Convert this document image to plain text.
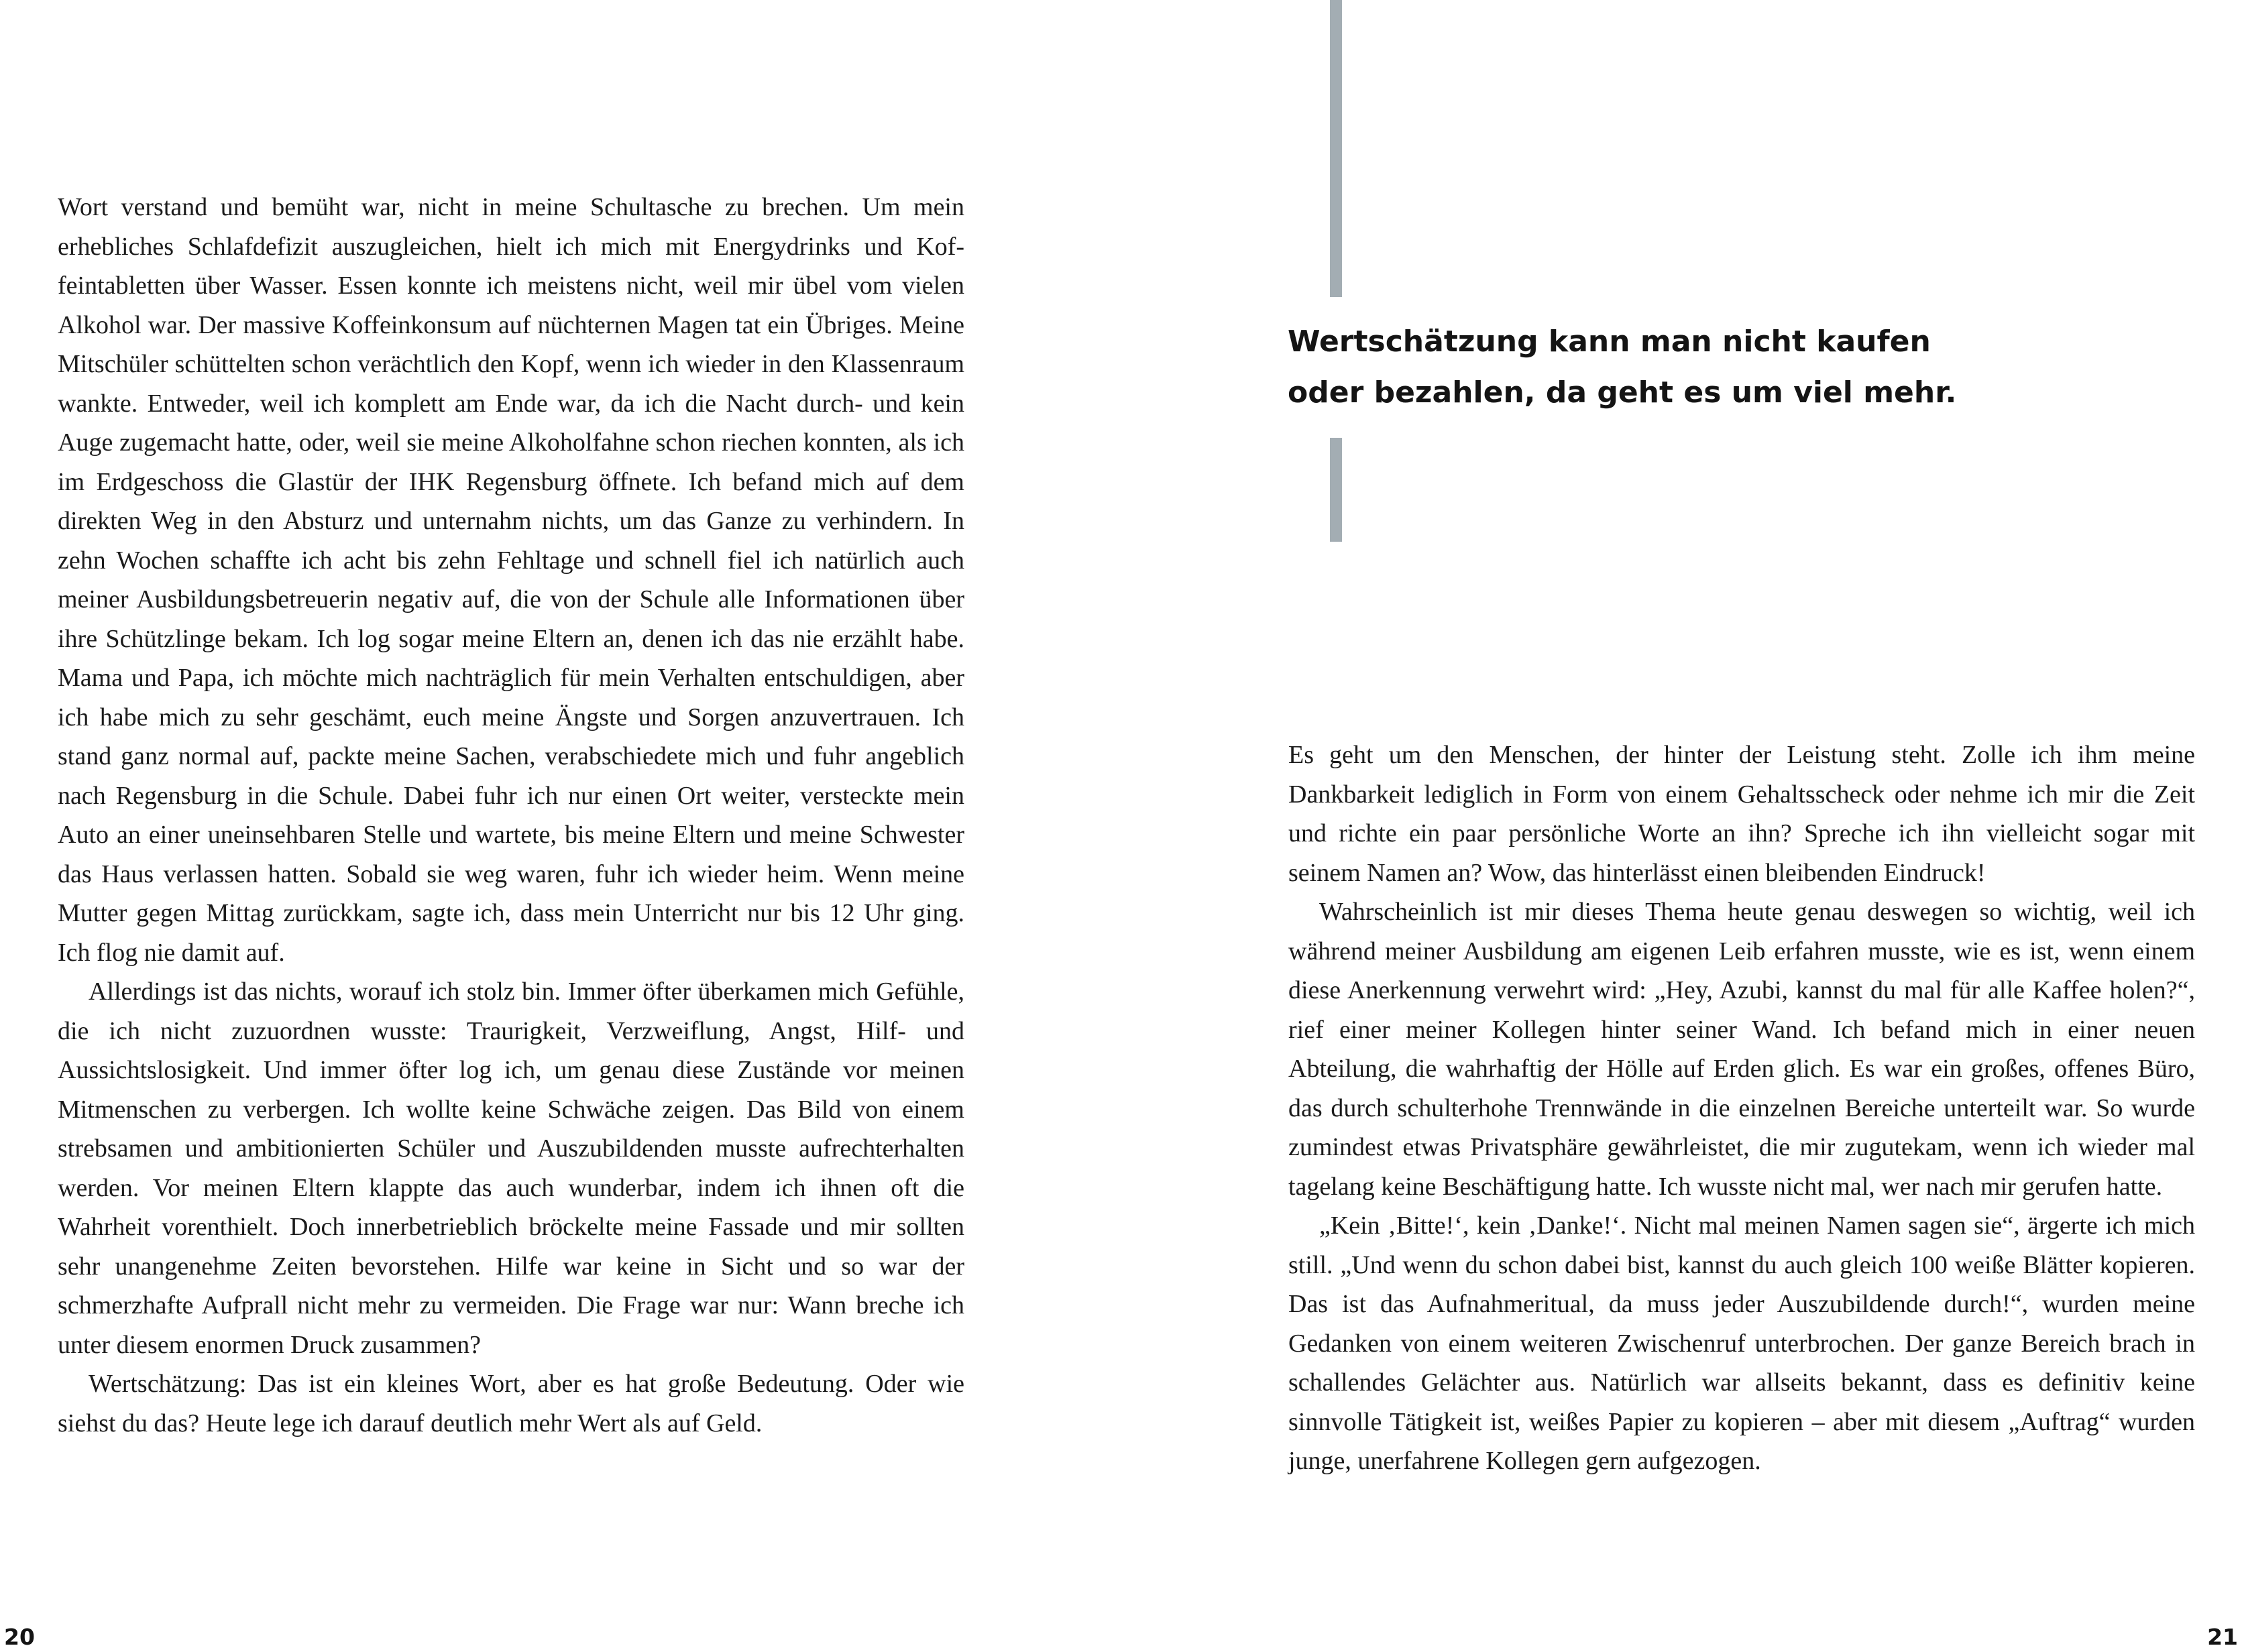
Wort verstand und bemüht war, nicht in meine Schultasche zu brechen. Um mein erhebliches Schlafdefizit auszugleichen, hielt ich mich mit Energydrinks und Koffeintabletten über Wasser. Essen konnte ich meistens nicht, weil mir übel vom vielen Alkohol war. Der massive Koffeinkonsum auf nüchternen Magen tat ein Übriges. Meine Mitschüler schüttelten schon verächtlich den Kopf, wenn ich wieder in den Klassenraum wankte. Entweder, weil ich komplett am Ende war, da ich die Nacht durch- und kein Auge zugemacht hatte, oder, weil sie meine Alkoholfahne schon riechen konnten, als ich im Erdgeschoss die Glastür der IHK Regensburg öffnete. Ich befand mich auf dem direkten Weg in den Absturz und unternahm nichts, um das Ganze zu verhindern. In zehn Wochen schaffte ich acht bis zehn Fehltage und schnell fiel ich natürlich auch meiner Ausbildungsbetreuerin negativ auf, die von der Schule alle Informationen über ihre Schützlinge bekam. Ich log sogar meine Eltern an, denen ich das nie erzählt habe. Mama und Papa, ich möchte mich nachträglich für mein Verhalten entschuldigen, aber ich habe mich zu sehr geschämt, euch meine Ängste und Sorgen anzuvertrauen. Ich stand ganz normal auf, packte meine Sachen, verabschiedete mich und fuhr angeblich nach Regensburg in die Schule. Dabei fuhr ich nur einen Ort weiter, versteckte mein Auto an einer uneinsehbaren Stelle und wartete, bis meine Eltern und meine Schwester das Haus verlassen hatten. Sobald sie weg waren, fuhr ich wieder heim. Wenn meine Mutter gegen Mittag zurückkam, sagte ich, dass mein Unterricht nur bis 12 Uhr ging. Ich flog nie damit auf.

Allerdings ist das nichts, worauf ich stolz bin. Immer öfter überkamen mich Gefühle, die ich nicht zuzuordnen wusste: Traurigkeit, Verzweiflung, Angst, Hilf- und Aussichtslosigkeit. Und immer öfter log ich, um genau diese Zustände vor meinen Mitmenschen zu verbergen. Ich wollte keine Schwäche zeigen. Das Bild von einem strebsamen und ambitionierten Schüler und Auszubildenden musste aufrechterhalten werden. Vor meinen Eltern klappte das auch wunderbar, indem ich ihnen oft die Wahrheit vorenthielt. Doch innerbetrieblich bröckelte meine Fassade und mir sollten sehr unangenehme Zeiten bevorstehen. Hilfe war keine in Sicht und so war der schmerzhafte Aufprall nicht mehr zu vermeiden. Die Frage war nur: Wann breche ich unter diesem enormen Druck zusammen?

Wertschätzung: Das ist ein kleines Wort, aber es hat große Bedeutung. Oder wie siehst du das? Heute lege ich darauf deutlich mehr Wert als auf Geld.

20
Wertschätzung kann man nicht kaufen
oder bezahlen, da geht es um viel mehr.

Es geht um den Menschen, der hinter der Leistung steht. Zolle ich ihm meine Dankbarkeit lediglich in Form von einem Gehaltsscheck oder nehme ich mir die Zeit und richte ein paar persönliche Worte an ihn? Spreche ich ihn vielleicht sogar mit seinem Namen an? Wow, das hinterlässt einen bleibenden Eindruck!

Wahrscheinlich ist mir dieses Thema heute genau deswegen so wichtig, weil ich während meiner Ausbildung am eigenen Leib erfahren musste, wie es ist, wenn einem diese Anerkennung verwehrt wird: „Hey, Azubi, kannst du mal für alle Kaffee holen?“, rief einer meiner Kollegen hinter seiner Wand. Ich befand mich in einer neuen Abteilung, die wahrhaftig der Hölle auf Erden glich. Es war ein großes, offenes Büro, das durch schulterhohe Trennwände in die einzelnen Bereiche unterteilt war. So wurde zumindest etwas Privatsphäre gewährleistet, die mir zugutekam, wenn ich wieder mal tagelang keine Beschäftigung hatte. Ich wusste nicht mal, wer nach mir gerufen hatte.

„Kein ‚Bitte!‘, kein ‚Danke!‘. Nicht mal meinen Namen sagen sie“, ärgerte ich mich still. „Und wenn du schon dabei bist, kannst du auch gleich 100 weiße Blätter kopieren. Das ist das Aufnahmeritual, da muss jeder Auszubildende durch!“, wurden meine Gedanken von einem weiteren Zwischenruf unterbrochen. Der ganze Bereich brach in schallendes Gelächter aus. Natürlich war allseits bekannt, dass es definitiv keine sinnvolle Tätigkeit ist, weißes Papier zu kopieren – aber mit diesem „Auftrag“ wurden junge, unerfahrene Kollegen gern aufgezogen.

21
